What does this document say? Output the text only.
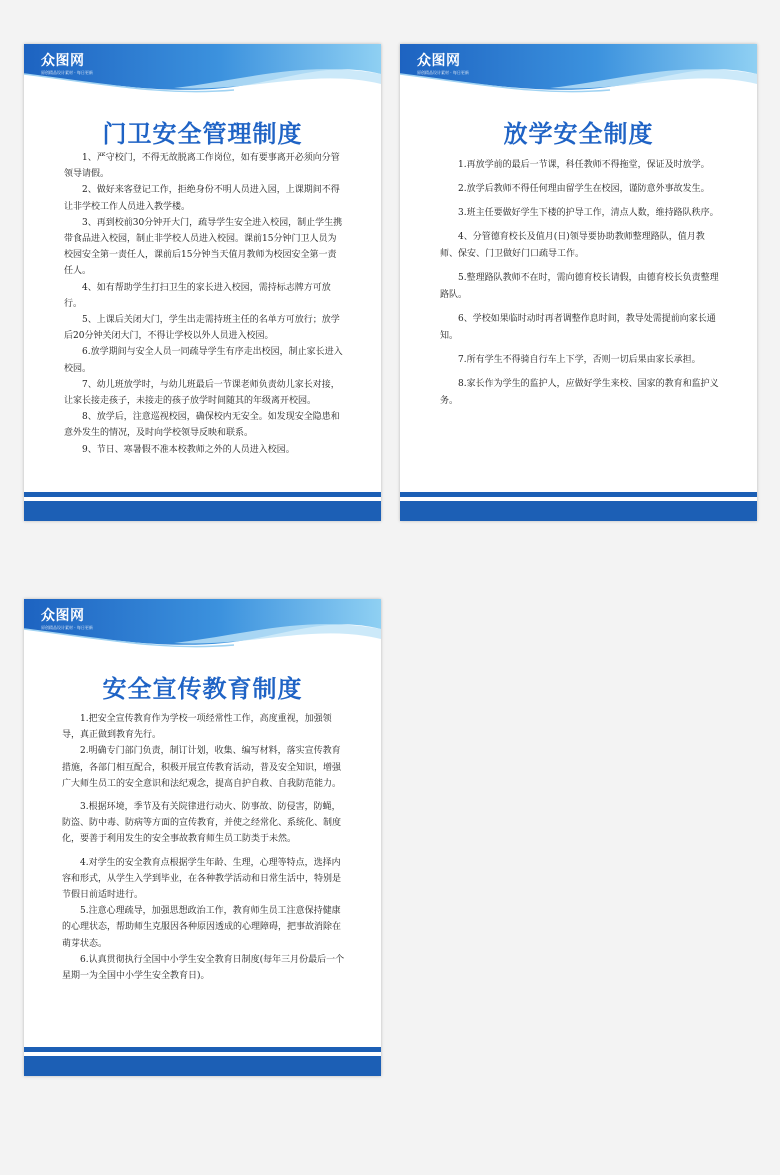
众图网
原创精品设计素材 · 每日更新
门卫安全管理制度

1、严守校门，不得无故脱离工作岗位，如有要事离开必须向分管领导请假。

2、做好来客登记工作，拒绝身份不明人员进入园，上课期间不得让非学校工作人员进入教学楼。

3、再到校前30分钟开大门，疏导学生安全进入校园，制止学生携带食品进入校园，制止非学校人员进入校园。课前15分钟门卫人员为校园安全第一责任人，课前后15分钟当天值月教师为校园安全第一责任人。

4、如有帮助学生打扫卫生的家长进入校园，需持标志牌方可放行。

5、上课后关闭大门，学生出走需持班主任的名单方可放行；放学后20分钟关闭大门，不得让学校以外人员进入校园。

6.放学期间与安全人员一同疏导学生有序走出校园，制止家长进入校园。

7、幼儿班放学时，与幼儿班最后一节课老师负责幼儿家长对接，让家长接走孩子，未接走的孩子放学时间随其的年级离开校园。

8、放学后，注意巡视校园，确保校内无安全。如发现安全隐患和意外发生的情况，及时向学校领导反映和联系。

9、节日、寒暑假不准本校教师之外的人员进入校园。

众图网
原创精品设计素材 · 每日更新
放学安全制度

1.再放学前的最后一节课，科任教师不得拖堂，保证及时放学。

2.放学后教师不得任何理由留学生在校园，谨防意外事故发生。

3.班主任要做好学生下楼的护导工作，清点人数，维持路队秩序。

4、分管德育校长及值月(日)领导要协助教师整理路队，值月教师、保安、门卫做好门口疏导工作。

5.整理路队教师不在时，需向德育校长请假，由德育校长负责整理路队。

6、学校如果临时动时再者调整作息时间，教导处需提前向家长通知。

7.所有学生不得骑自行车上下学，否则一切后果由家长承担。

8.家长作为学生的监护人，应做好学生来校、国家的教育和监护义务。

众图网
原创精品设计素材 · 每日更新
安全宣传教育制度

1.把安全宣传教育作为学校一项经常性工作，高度重视，加强领导，真正做到教育先行。

2.明确专门部门负责，制订计划，收集、编写材料，落实宣传教育措施，各部门相互配合，积极开展宣传教育活动，普及安全知识，增强广大师生员工的安全意识和法纪观念，提高自护自救、自我防范能力。

3.根据环境，季节及有关院律进行动火、防事故、防侵害，防蝇，防盗、防中毒、防病等方面的宣传教育，并使之经常化、系统化、制度化，要善于利用发生的安全事故教育师生员工防类于未然。

4.对学生的安全教育点根据学生年龄、生理，心理等特点，选择内容和形式，从学生入学到毕业，在各种教学活动和日常生活中，特别是节假日前适时进行。

5.注意心理疏导，加强思想政治工作，教育师生员工注意保持健康的心理状态，帮助师生克服因各种原因透成的心理障碍，把事故消除在萌芽状态。

6.认真贯彻执行全国中小学生安全教育日制度(每年三月份最后一个星期一为全国中小学生安全教育日)。
